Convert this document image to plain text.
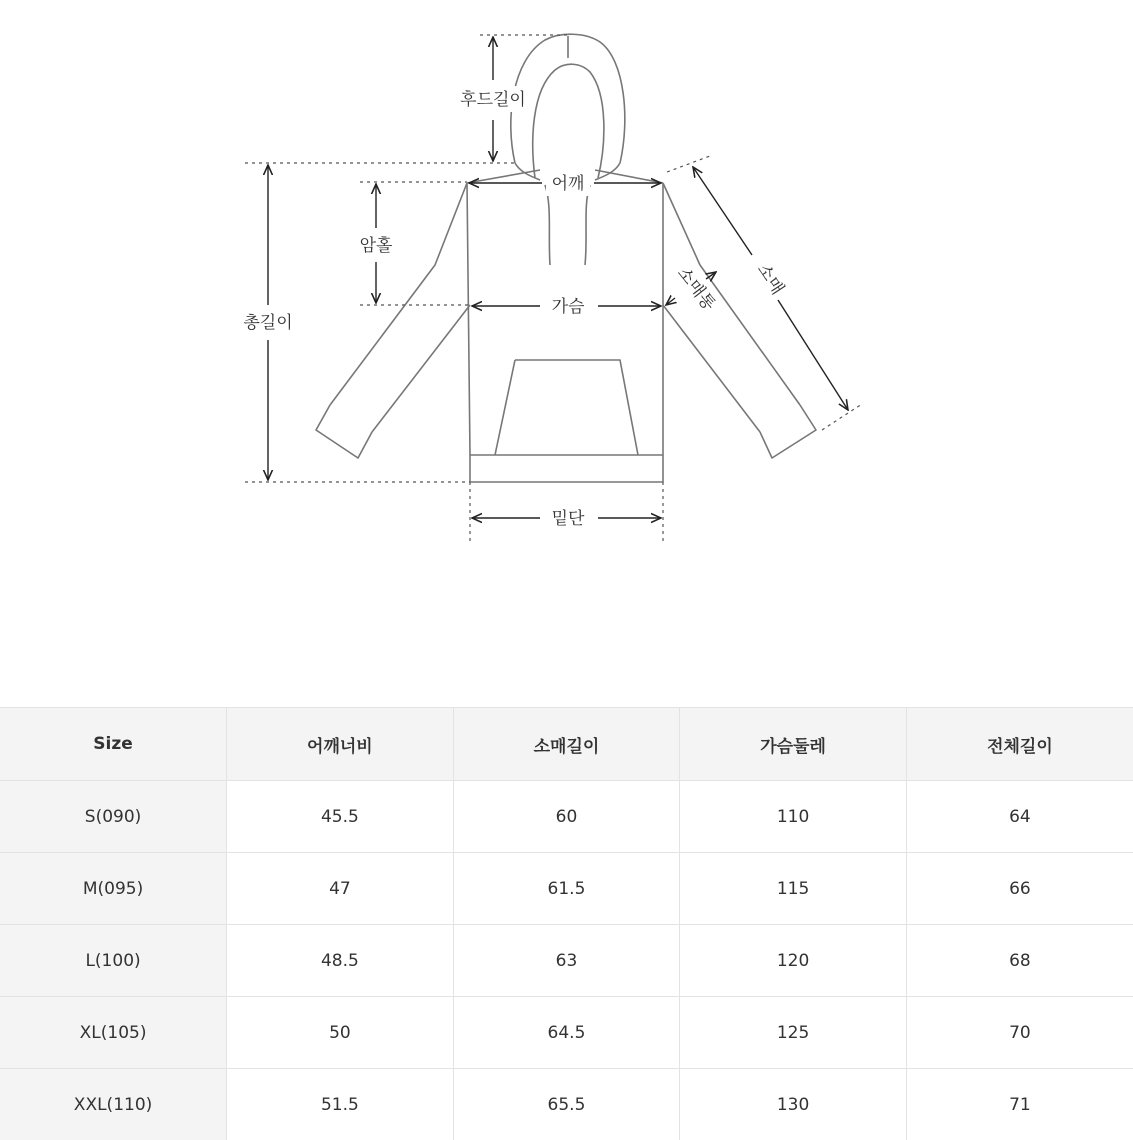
후드길이
어깨
암홀
총길이
가슴
밑단
소매
소매통
Size	어깨너비	소매길이	가슴둘레	전체길이
S(090)	45.5	60	110	64
M(095)	47	61.5	115	66
L(100)	48.5	63	120	68
XL(105)	50	64.5	125	70
XXL(110)	51.5	65.5	130	71
